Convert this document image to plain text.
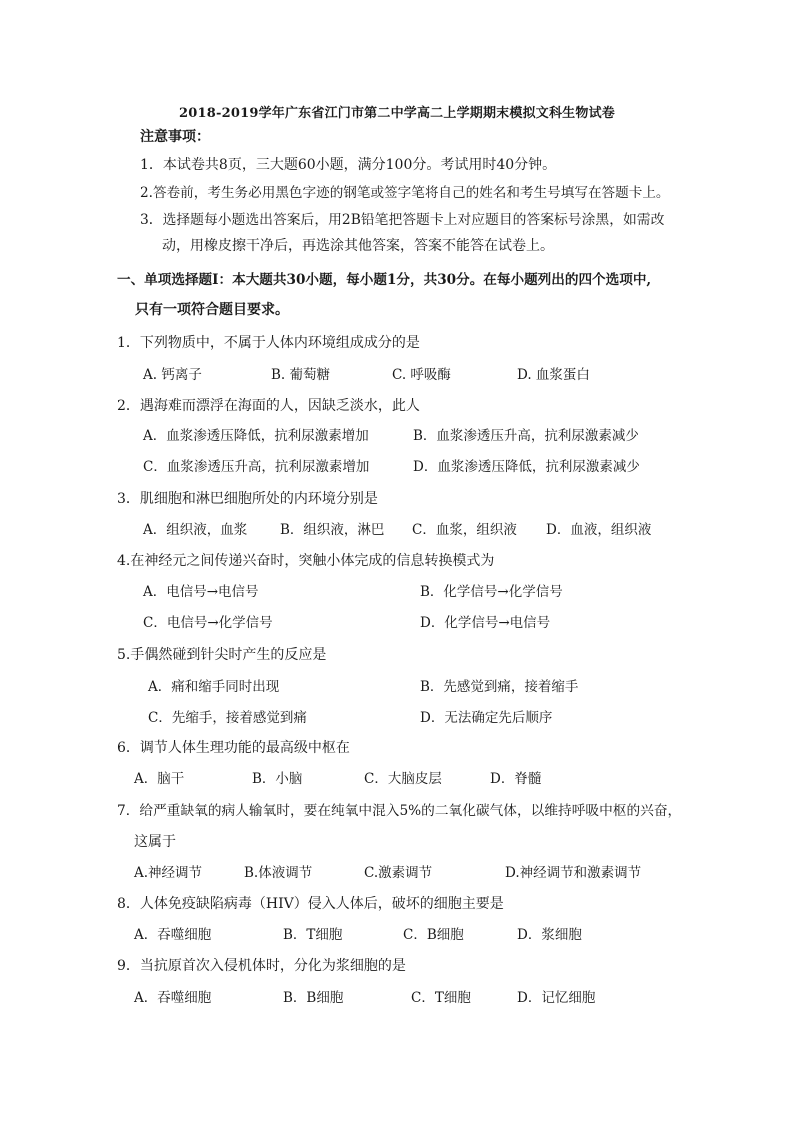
2018-2019学年广东省江门市第二中学高二上学期期末模拟文科生物试卷
注意事项：
1．本试卷共8页，三大题60小题，满分100分。考试用时40分钟。
2.答卷前，考生务必用黑色字迹的钢笔或签字笔将自己的姓名和考生号填写在答题卡上。
3．选择题每小题选出答案后，用2B铅笔把答题卡上对应题目的答案标号涂黑，如需改
动，用橡皮擦干净后，再选涂其他答案，答案不能答在试卷上。
一、单项选择题Ⅰ：本大题共30小题，每小题1分，共30分。在每小题列出的四个选项中,
只有一项符合题目要求。
1．下列物质中，不属于人体内环境组成成分的是
A. 钙离子	B. 葡萄糖	C. 呼吸酶	D. 血浆蛋白
2．遇海难而漂浮在海面的人，因缺乏淡水，此人
A．血浆渗透压降低，抗利尿激素增加	B．血浆渗透压升高，抗利尿激素减少
C．血浆渗透压升高，抗利尿激素增加	D．血浆渗透压降低，抗利尿激素减少
3．肌细胞和淋巴细胞所处的内环境分别是
A．组织液，血浆 B．组织液，淋巴 C．血浆，组织液 D．血液，组织液
4.在神经元之间传递兴奋时，突触小体完成的信息转换模式为
A．电信号→电信号	B．化学信号→化学信号
C．电信号→化学信号	D．化学信号→电信号
5.手偶然碰到针尖时产生的反应是
A．痛和缩手同时出现	B．先感觉到痛，接着缩手
C．先缩手，接着感觉到痛	D．无法确定先后顺序
6．调节人体生理功能的最高级中枢在
A．脑干	B．小脑	C．大脑皮层	D．脊髓
7．给严重缺氧的病人输氧时，要在纯氧中混入5%的二氧化碳气体，以维持呼吸中枢的兴奋，
这属于
A.神经调节	B.体液调节	C.激素调节	D.神经调节和激素调节
8．人体免疫缺陷病毒（HIV）侵入人体后，破坏的细胞主要是
A．吞噬细胞	B．T细胞	C．B细胞	D．浆细胞
9．当抗原首次入侵机体时，分化为浆细胞的是
A．吞噬细胞	B．B细胞	C．T细胞	D．记忆细胞
